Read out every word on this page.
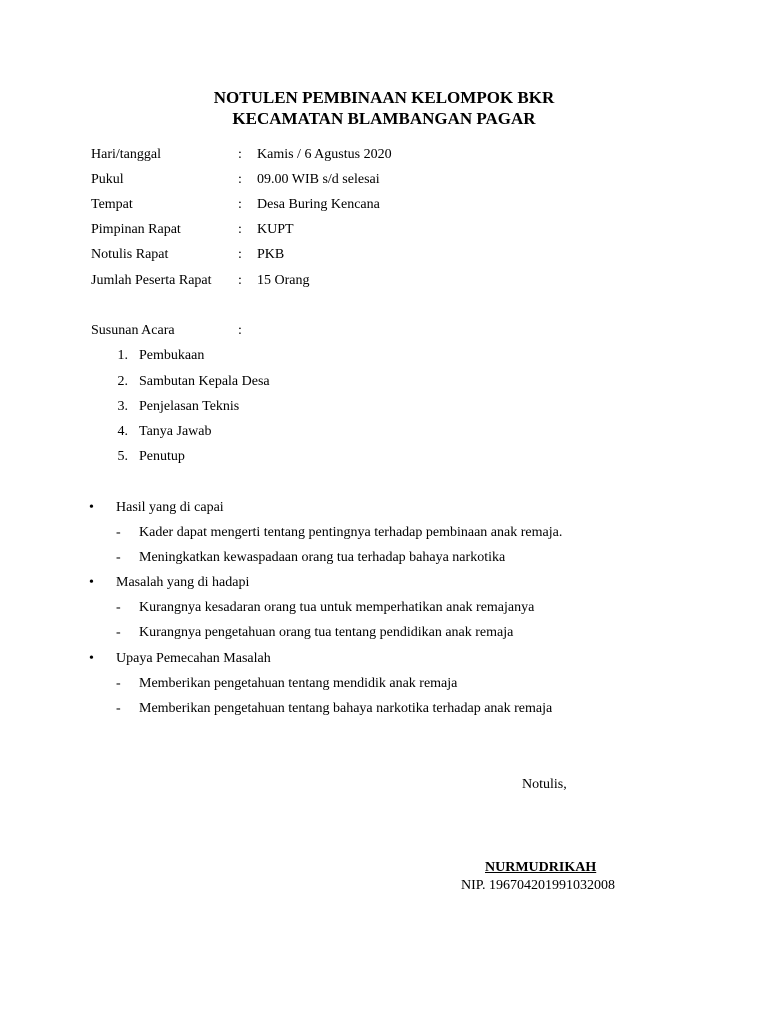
NOTULEN PEMBINAAN KELOMPOK BKR
KECAMATAN BLAMBANGAN PAGAR
Hari/tanggal	: Kamis / 6 Agustus 2020
Pukul	: 09.00 WIB s/d selesai
Tempat	: Desa Buring Kencana
Pimpinan Rapat	: KUPT
Notulis Rapat	: PKB
Jumlah Peserta Rapat : 15 Orang
Susunan Acara	:
1. Pembukaan
2. Sambutan Kepala Desa
3. Penjelasan Teknis
4. Tanya Jawab
5. Penutup
• Hasil yang di capai
- Kader dapat mengerti tentang pentingnya terhadap pembinaan anak remaja.
- Meningkatkan kewaspadaan orang tua terhadap bahaya narkotika
• Masalah yang di hadapi
- Kurangnya kesadaran orang tua untuk memperhatikan anak remajanya
- Kurangnya pengetahuan orang tua tentang pendidikan anak remaja
• Upaya Pemecahan Masalah
- Memberikan pengetahuan tentang mendidik anak remaja
- Memberikan pengetahuan tentang bahaya narkotika terhadap anak remaja
Notulis,
NURMUDRIKAH
NIP. 196704201991032008
